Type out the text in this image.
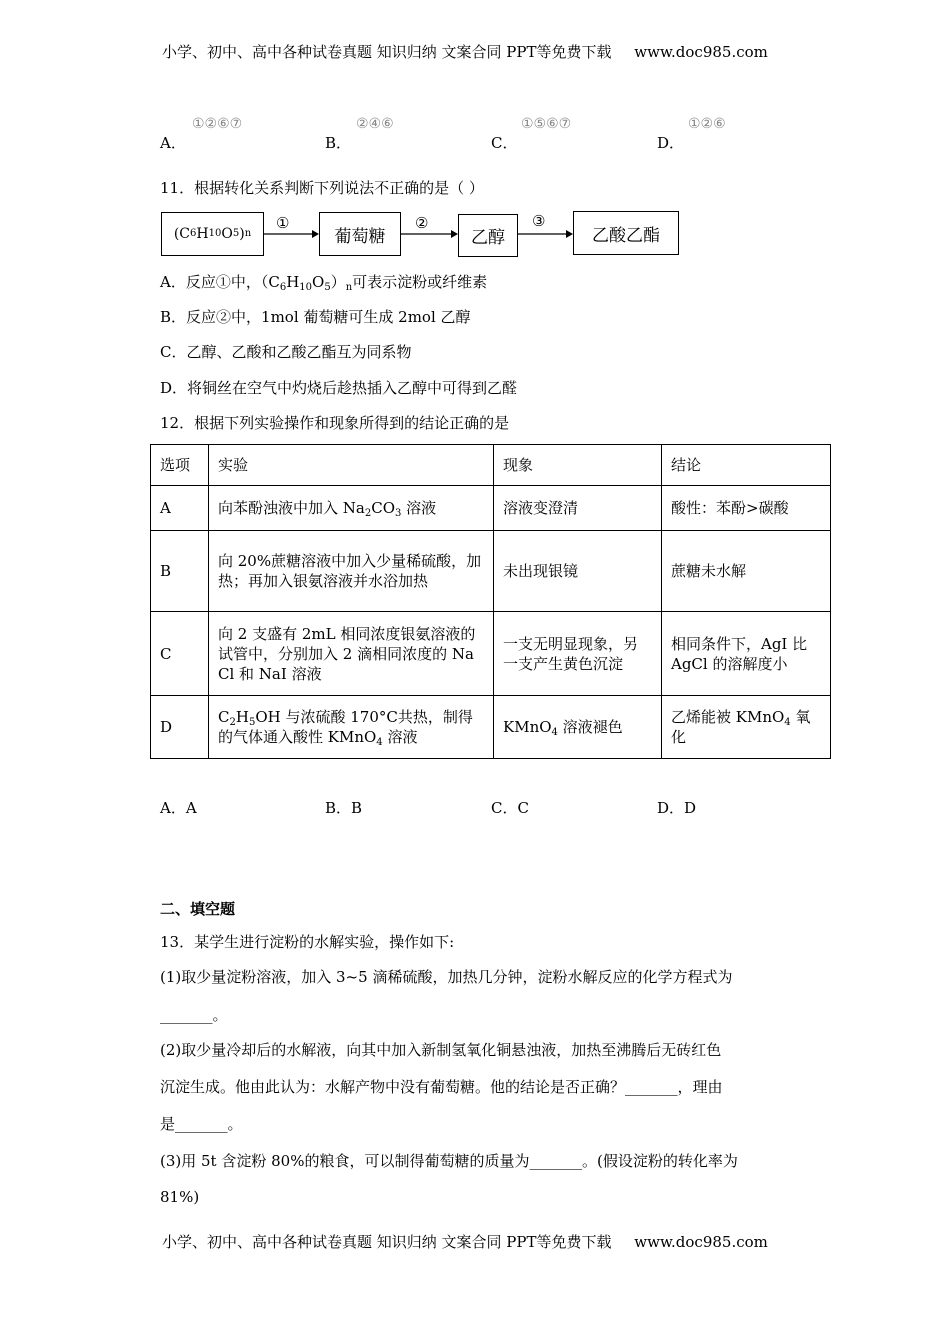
小学、初中、高中各种试卷真题 知识归纳 文案合同 PPT等免费下载 www.doc985.com
A．
①②⑥⑦
B．
②④⑥
C．
①⑤⑥⑦
D．
①②⑥
11．根据转化关系判断下列说法不正确的是（ ）
(C 6 H 10 O 5 ) n
①
葡萄糖
②
乙醇
③
乙酸乙酯
A．反应①中，$(C_6H_{10}O_5)_n$可表示淀粉或纤维素
B．反应②中，1mol 葡萄糖可生成 2mol 乙醇
C．乙醇、乙酸和乙酸乙酯互为同系物
D．将铜丝在空气中灼烧后趁热插入乙醇中可得到乙醛
12．根据下列实验操作和现象所得到的结论正确的是
选项	实验	现象	结论
A	向苯酚浊液中加入 $Na_2CO_3$ 溶液	溶液变澄清	酸性：苯酚>碳酸
B	向 20%蔗糖溶液中加入少量稀硫酸，加热；再加入银氨溶液并水浴加热	未出现银镜	蔗糖未水解
C	向 2 支盛有 2mL 相同浓度银氨溶液的试管中，分别加入 2 滴相同浓度的 NaCl 和 NaI 溶液	一支无明显现象，另一支产生黄色沉淀	相同条件下，AgI 比 AgCl 的溶解度小
D	$C_2H_5OH$ 与浓硫酸 170°C共热，制得的气体通入酸性 KMnO$_4$ 溶液	KMnO$_4$ 溶液褪色	乙烯能被 KMnO$_4$ 氧化
A．A	B．B	C．C	D．D
二、填空题
13．某学生进行淀粉的水解实验，操作如下:
(1)取少量淀粉溶液，加入 3~5 滴稀硫酸，加热几分钟，淀粉水解反应的化学方程式为
_______。
(2)取少量冷却后的水解液，向其中加入新制氢氧化铜悬浊液，加热至沸腾后无砖红色
沉淀生成。他由此认为：水解产物中没有葡萄糖。他的结论是否正确？_______，理由
是_______。
(3)用 5t 含淀粉 80%的粮食，可以制得葡萄糖的质量为_______。(假设淀粉的转化率为
81%)
小学、初中、高中各种试卷真题 知识归纳 文案合同 PPT等免费下载 www.doc985.com
